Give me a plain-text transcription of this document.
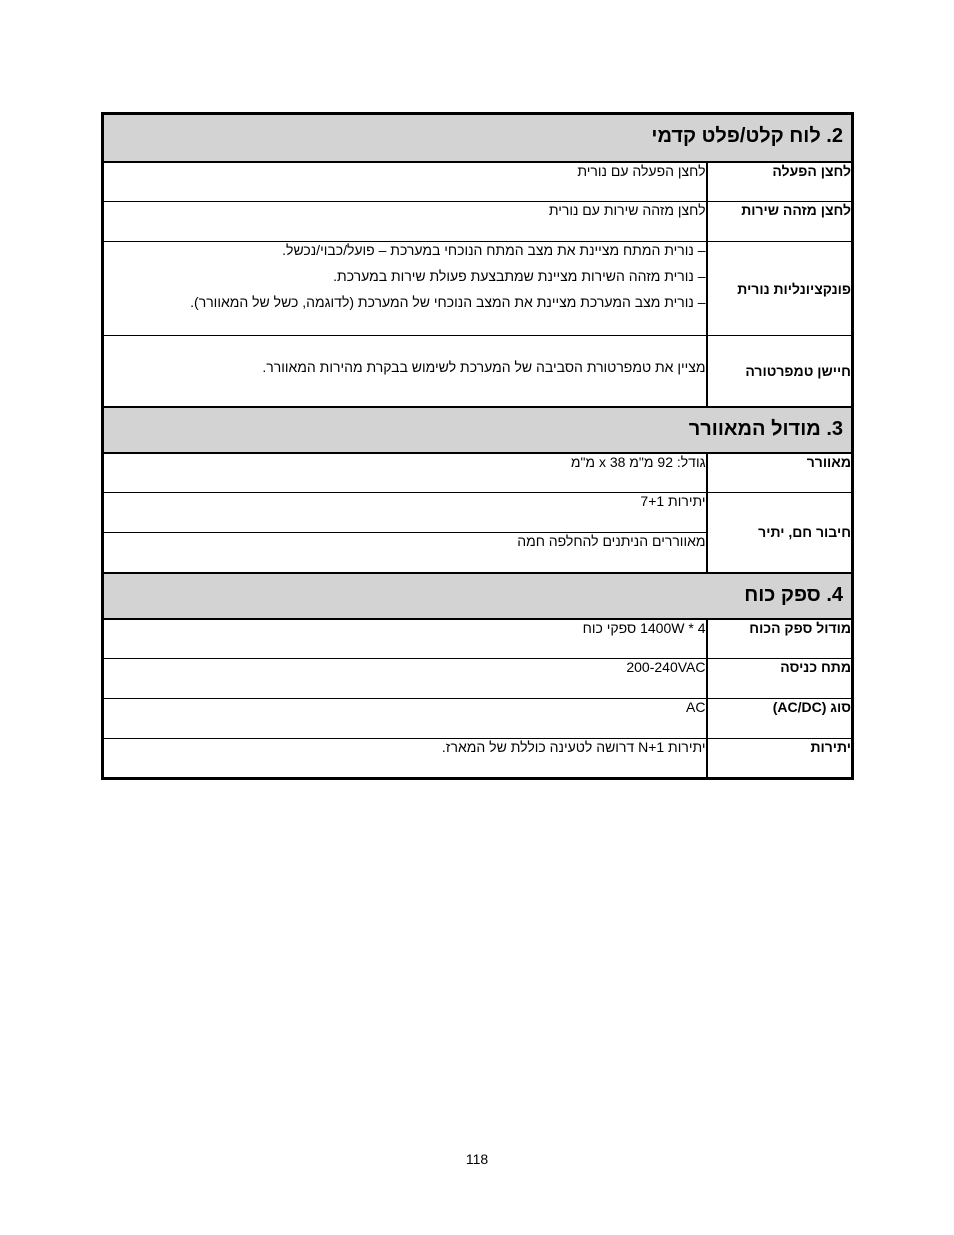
2. לוח קלט/פלט קדמי	
לחצן הפעלה	לחצן הפעלה עם נורית
לחצן מזהה שירות	לחצן מזהה שירות עם נורית
פונקציונליות נורית	– נורית המתח מציינת את מצב המתח הנוכחי במערכת – פועל/כבוי/נכשל.
– נורית מזהה השירות מציינת שמתבצעת פעולת שירות במערכת.
– נורית מצב המערכת מציינת את המצב הנוכחי של המערכת (לדוגמה, כשל של המאוורר).

חיישן טמפרטורה	מציין את טמפרטורת הסביבה של המערכת לשימוש בבקרת מהירות המאוורר.
3. מודול המאוורר	
מאוורר	גודל: 92 מ"מ x 38 מ"מ
חיבור חם, יתיר	יתירות 7+1
	מאווררים הניתנים להחלפה חמה
4. ספק כוח	
מודול ספק הכוח	4 * 1400W ספקי כוח
מתח כניסה	200-240VAC
סוג (AC/DC)	AC
יתירות	יתירות N+1 דרושה לטעינה כוללת של המארז.
118
